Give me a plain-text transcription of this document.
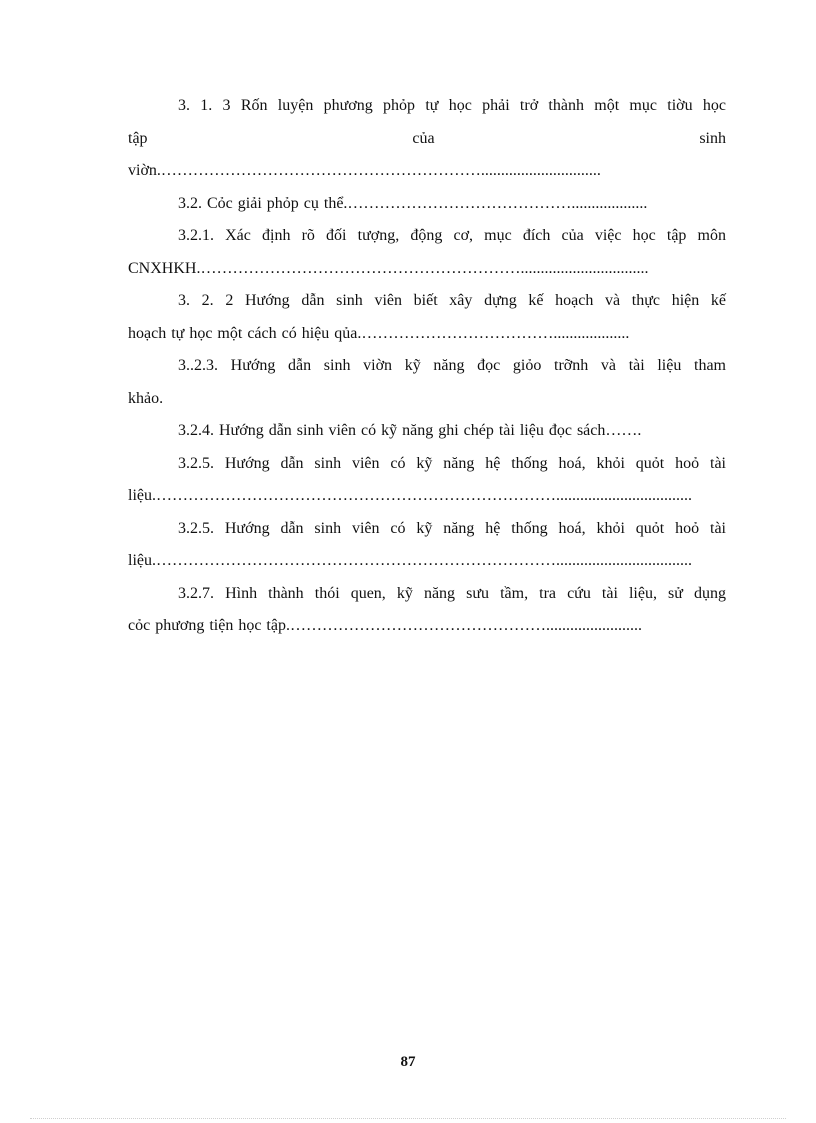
3. 1. 3 Rốn luyện phương phỏp tự học phải trở thành một mục tiờu học
tập của sinh
viờn.……………………………………………………..............................

3.2. Cỏc giải phỏp cụ thể.……………………………………...................

3.2.1. Xác định rõ đối tượng, động cơ, mục đích của việc học tập môn
CNXHKH.……………………………………………………................................

3. 2. 2 Hướng dẫn sinh viên biết xây dựng kế hoạch và thực hiện kế
hoạch tự học một cách có hiệu qủa.………………………………...................

3..2.3. Hướng dẫn sinh viờn kỹ năng đọc giỏo trỡnh và tài liệu tham
khảo.

3.2.4. Hướng dẫn sinh viên có kỹ năng ghi chép tài liệu đọc sách…….

3.2.5. Hướng dẫn sinh viên có kỹ năng hệ thống hoá, khỏi quỏt hoỏ tài
liệu.…………………………………………………………………..................................

3.2.5. Hướng dẫn sinh viên có kỹ năng hệ thống hoá, khỏi quỏt hoỏ tài
liệu.…………………………………………………………………..................................

3.2.7. Hình thành thói quen, kỹ năng sưu tầm, tra cứu tài liệu, sử dụng
cỏc phương tiện học tập.…………………………………………........................

87
